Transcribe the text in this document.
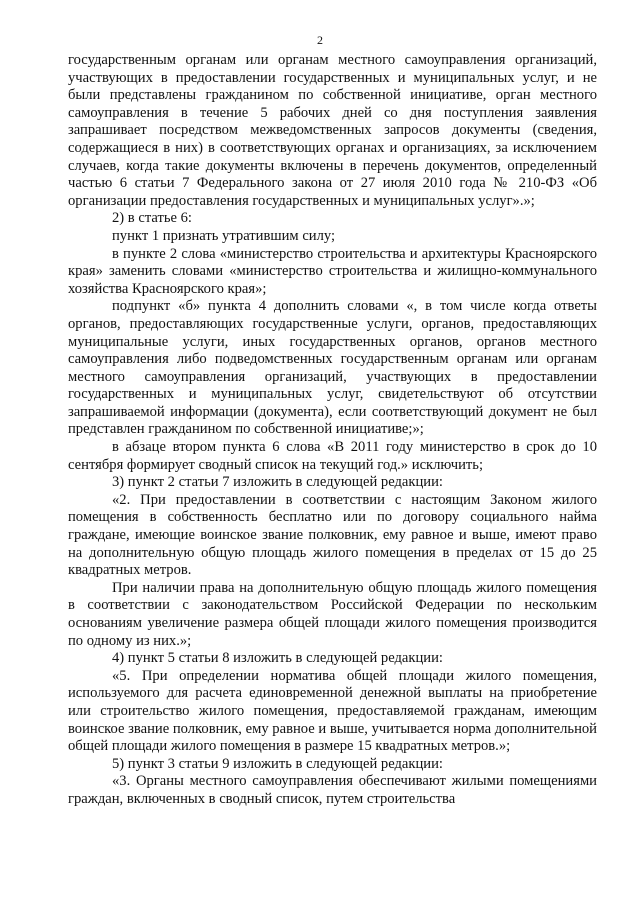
2

государственным органам или органам местного самоуправления организаций, участвующих в предоставлении государственных и муниципальных услуг, и не были представлены гражданином по собственной инициативе, орган местного самоуправления в течение 5 рабочих дней со дня поступления заявления запрашивает посредством межведомственных запросов документы (сведения, содержащиеся в них) в соответствующих органах и организациях, за исключением случаев, когда такие документы включены в перечень документов, определенный частью 6 статьи 7 Федерального закона от 27 июля 2010 года № 210-ФЗ «Об организации предоставления государственных и муниципальных услуг».»;

2) в статье 6:

пункт 1 признать утратившим силу;

в пункте 2 слова «министерство строительства и архитектуры Красноярского края» заменить словами «министерство строительства и жилищно-коммунального хозяйства Красноярского края»;

подпункт «б» пункта 4 дополнить словами «, в том числе когда ответы органов, предоставляющих государственные услуги, органов, предоставляющих муниципальные услуги, иных государственных органов, органов местного самоуправления либо подведомственных государственным органам или органам местного самоуправления организаций, участвующих в предоставлении государственных и муниципальных услуг, свидетельствуют об отсутствии запрашиваемой информации (документа), если соответствующий документ не был представлен гражданином по собственной инициативе;»;

в абзаце втором пункта 6 слова «В 2011 году министерство в срок до 10 сентября формирует сводный список на текущий год.» исключить;

3) пункт 2 статьи 7 изложить в следующей редакции:

«2. При предоставлении в соответствии с настоящим Законом жилого помещения в собственность бесплатно или по договору социального найма граждане, имеющие воинское звание полковник, ему равное и выше, имеют право на дополнительную общую площадь жилого помещения в пределах от 15 до 25 квадратных метров.

При наличии права на дополнительную общую площадь жилого помещения в соответствии с законодательством Российской Федерации по нескольким основаниям увеличение размера общей площади жилого помещения производится по одному из них.»;

4) пункт 5 статьи 8 изложить в следующей редакции:

«5. При определении норматива общей площади жилого помещения, используемого для расчета единовременной денежной выплаты на приобретение или строительство жилого помещения, предоставляемой гражданам, имеющим воинское звание полковник, ему равное и выше, учитывается норма дополнительной общей площади жилого помещения в размере 15 квадратных метров.»;

5) пункт 3 статьи 9 изложить в следующей редакции:

«3. Органы местного самоуправления обеспечивают жилыми помещениями граждан, включенных в сводный список, путем строительства
